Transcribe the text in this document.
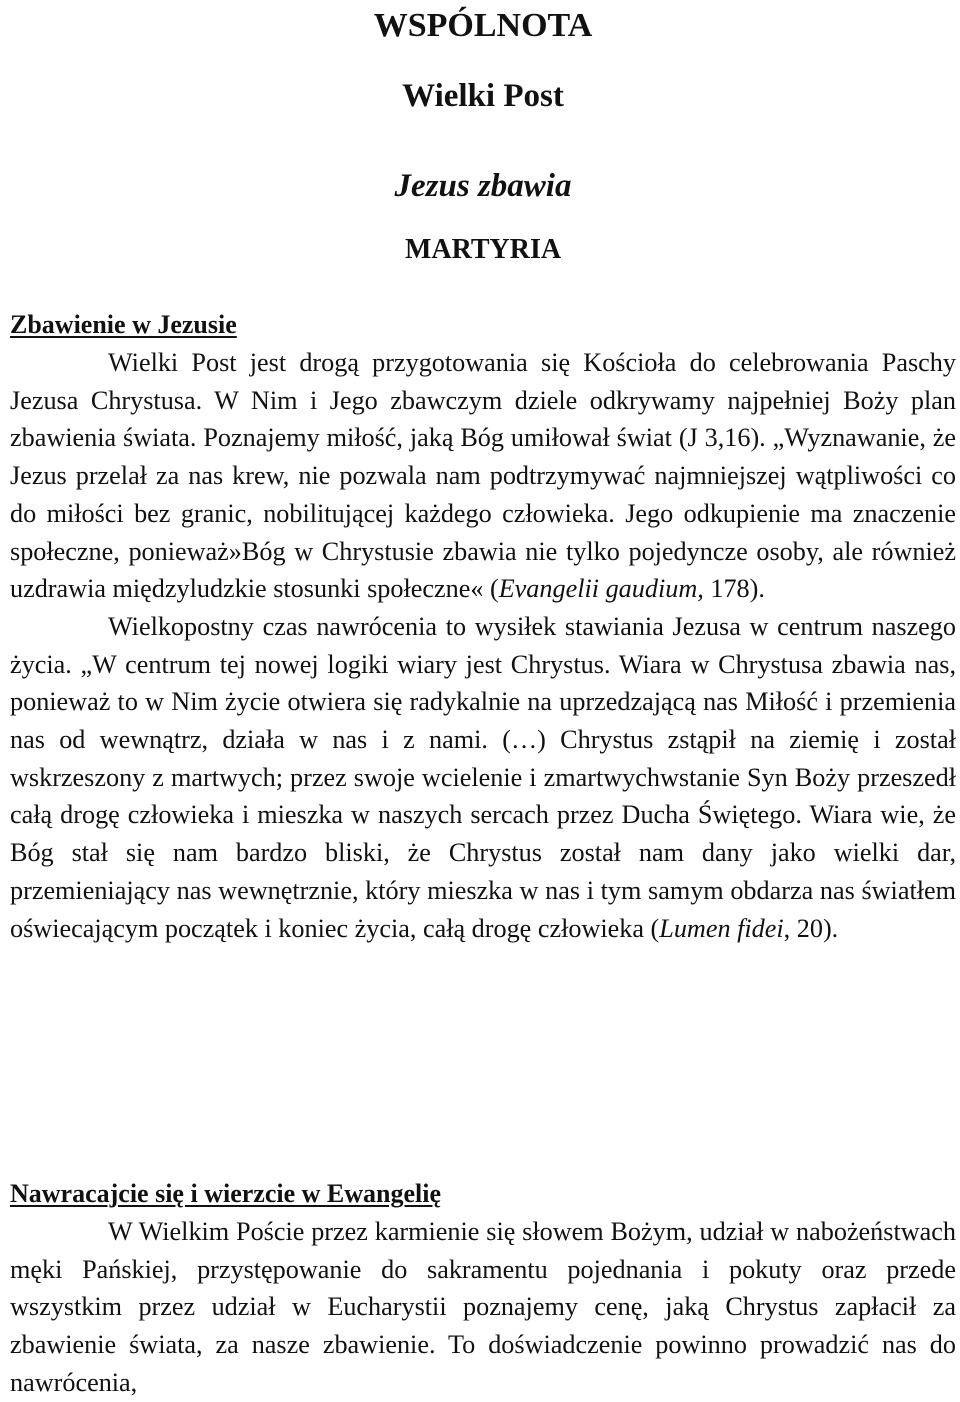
WSPÓLNOTA
Wielki Post
Jezus zbawia
MARTYRIA
Zbawienie w Jezusie

Wielki Post jest drogą przygotowania się Kościoła do celebrowania Paschy Jezusa Chrystusa. W Nim i Jego zbawczym dziele odkrywamy najpełniej Boży plan zbawienia świata. Poznajemy miłość, jaką Bóg umiłował świat (J 3,16). „Wyznawanie, że Jezus przelał za nas krew, nie pozwala nam podtrzymywać najmniejszej wątpliwości co do miłości bez granic, nobilitującej każdego człowieka. Jego odkupienie ma znaczenie społeczne, ponieważ»Bóg w Chrystusie zbawia nie tylko pojedyncze osoby, ale również uzdrawia międzyludzkie stosunki społeczne« (Evangelii gaudium, 178).

Wielkopostny czas nawrócenia to wysiłek stawiania Jezusa w centrum naszego życia. „W centrum tej nowej logiki wiary jest Chrystus. Wiara w Chrystusa zbawia nas, ponieważ to w Nim życie otwiera się radykalnie na uprzedzającą nas Miłość i przemienia nas od wewnątrz, działa w nas i z nami. (…) Chrystus zstąpił na ziemię i został wskrzeszony z martwych; przez swoje wcielenie i zmartwychwstanie Syn Boży przeszedł całą drogę człowieka i mieszka w naszych sercach przez Ducha Świętego. Wiara wie, że Bóg stał się nam bardzo bliski, że Chrystus został nam dany jako wielki dar, przemieniający nas wewnętrznie, który mieszka w nas i tym samym obdarza nas światłem oświecającym początek i koniec życia, całą drogę człowieka (Lumen fidei, 20).

Nawracajcie się i wierzcie w Ewangelię

W Wielkim Poście przez karmienie się słowem Bożym, udział w nabożeństwach męki Pańskiej, przystępowanie do sakramentu pojednania i pokuty oraz przede wszystkim przez udział w Eucharystii poznajemy cenę, jaką Chrystus zapłacił za zbawienie świata, za nasze zbawienie. To doświadczenie powinno prowadzić nas do nawrócenia,
